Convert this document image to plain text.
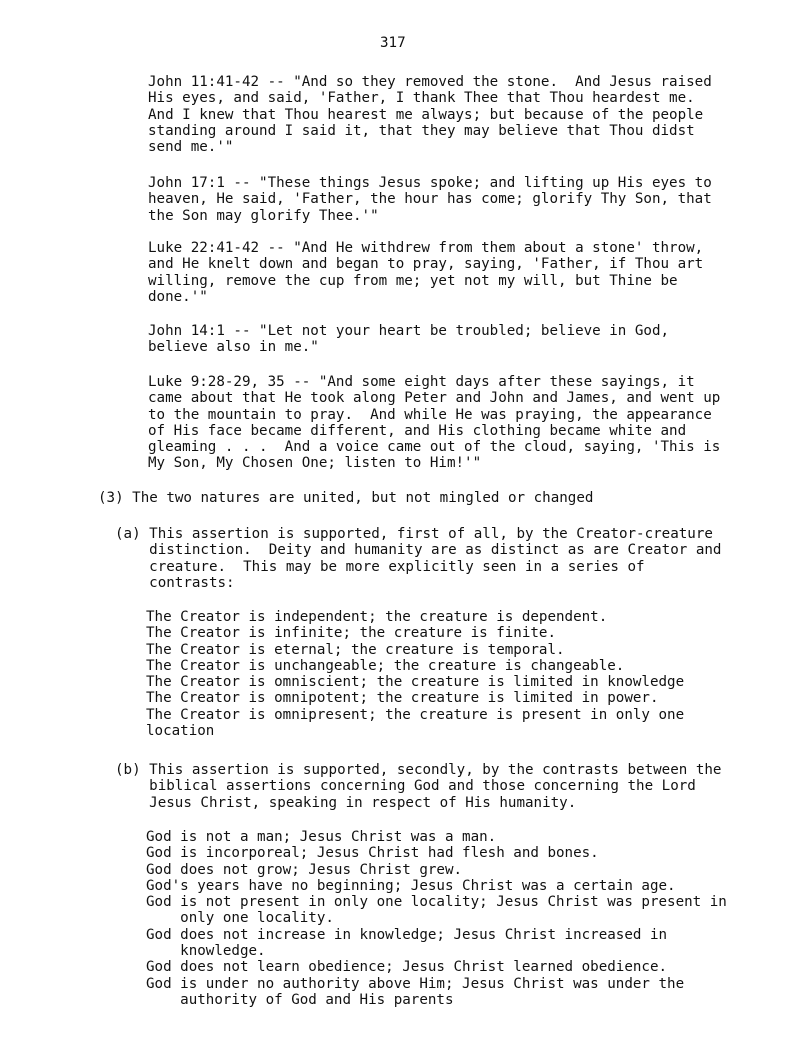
317
John 11:41-42 -- "And so they removed the stone.  And Jesus raised
His eyes, and said, 'Father, I thank Thee that Thou heardest me.
And I knew that Thou hearest me always; but because of the people
standing around I said it, that they may believe that Thou didst
send me.'"
John 17:1 -- "These things Jesus spoke; and lifting up His eyes to
heaven, He said, 'Father, the hour has come; glorify Thy Son, that
the Son may glorify Thee.'"
Luke 22:41-42 -- "And He withdrew from them about a stone' throw,
and He knelt down and began to pray, saying, 'Father, if Thou art
willing, remove the cup from me; yet not my will, but Thine be
done.'"
John 14:1 -- "Let not your heart be troubled; believe in God,
believe also in me."
Luke 9:28-29, 35 -- "And some eight days after these sayings, it
came about that He took along Peter and John and James, and went up
to the mountain to pray.  And while He was praying, the appearance
of His face became different, and His clothing became white and
gleaming . . .  And a voice came out of the cloud, saying, 'This is
My Son, My Chosen One; listen to Him!'"
(3) The two natures are united, but not mingled or changed
(a) This assertion is supported, first of all, by the Creator-creature
distinction.  Deity and humanity are as distinct as are Creator and
creature.  This may be more explicitly seen in a series of
contrasts:
The Creator is independent; the creature is dependent.
The Creator is infinite; the creature is finite.
The Creator is eternal; the creature is temporal.
The Creator is unchangeable; the creature is changeable.
The Creator is omniscient; the creature is limited in knowledge
The Creator is omnipotent; the creature is limited in power.
The Creator is omnipresent; the creature is present in only one
location
(b) This assertion is supported, secondly, by the contrasts between the
biblical assertions concerning God and those concerning the Lord
Jesus Christ, speaking in respect of His humanity.
God is not a man; Jesus Christ was a man.
God is incorporeal; Jesus Christ had flesh and bones.
God does not grow; Jesus Christ grew.
God's years have no beginning; Jesus Christ was a certain age.
God is not present in only one locality; Jesus Christ was present in
only one locality.
God does not increase in knowledge; Jesus Christ increased in
knowledge.
God does not learn obedience; Jesus Christ learned obedience.
God is under no authority above Him; Jesus Christ was under the
authority of God and His parents
